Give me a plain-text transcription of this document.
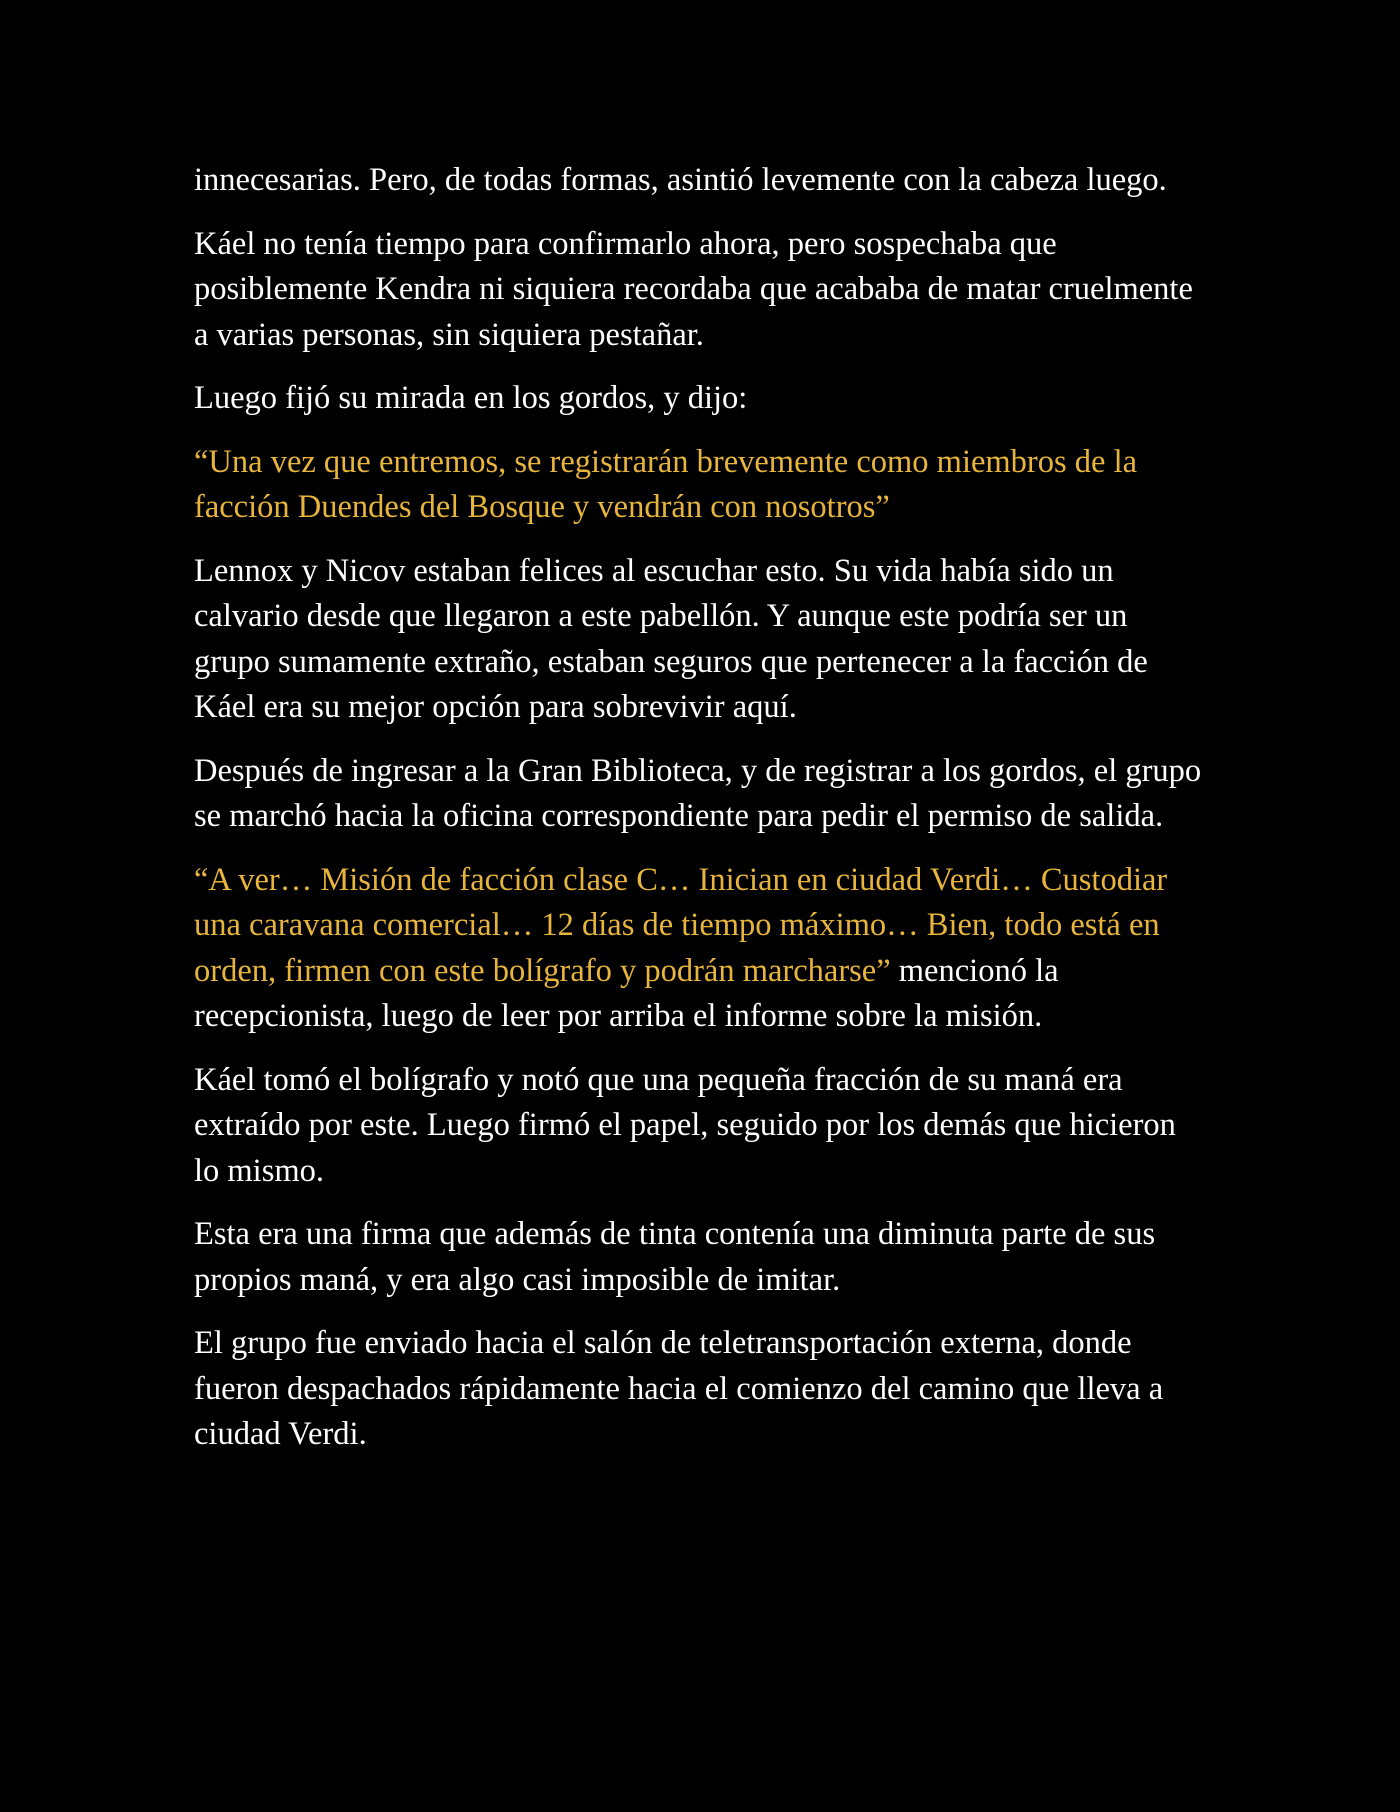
innecesarias. Pero, de todas formas, asintió levemente con la cabeza luego.

Káel no tenía tiempo para confirmarlo ahora, pero sospechaba que posiblemente Kendra ni siquiera recordaba que acababa de matar cruelmente a varias personas, sin siquiera pestañar.

Luego fijó su mirada en los gordos, y dijo:

“Una vez que entremos, se registrarán brevemente como miembros de la facción Duendes del Bosque y vendrán con nosotros”

Lennox y Nicov estaban felices al escuchar esto. Su vida había sido un calvario desde que llegaron a este pabellón. Y aunque este podría ser un grupo sumamente extraño, estaban seguros que pertenecer a la facción de Káel era su mejor opción para sobrevivir aquí.

Después de ingresar a la Gran Biblioteca, y de registrar a los gordos, el grupo se marchó hacia la oficina correspondiente para pedir el permiso de salida.

“A ver… Misión de facción clase C… Inician en ciudad Verdi… Custodiar una caravana comercial… 12 días de tiempo máximo… Bien, todo está en orden, firmen con este bolígrafo y podrán marcharse” mencionó la recepcionista, luego de leer por arriba el informe sobre la misión.

Káel tomó el bolígrafo y notó que una pequeña fracción de su maná era extraído por este. Luego firmó el papel, seguido por los demás que hicieron lo mismo.

Esta era una firma que además de tinta contenía una diminuta parte de sus propios maná, y era algo casi imposible de imitar.

El grupo fue enviado hacia el salón de teletransportación externa, donde fueron despachados rápidamente hacia el comienzo del camino que lleva a ciudad Verdi.
